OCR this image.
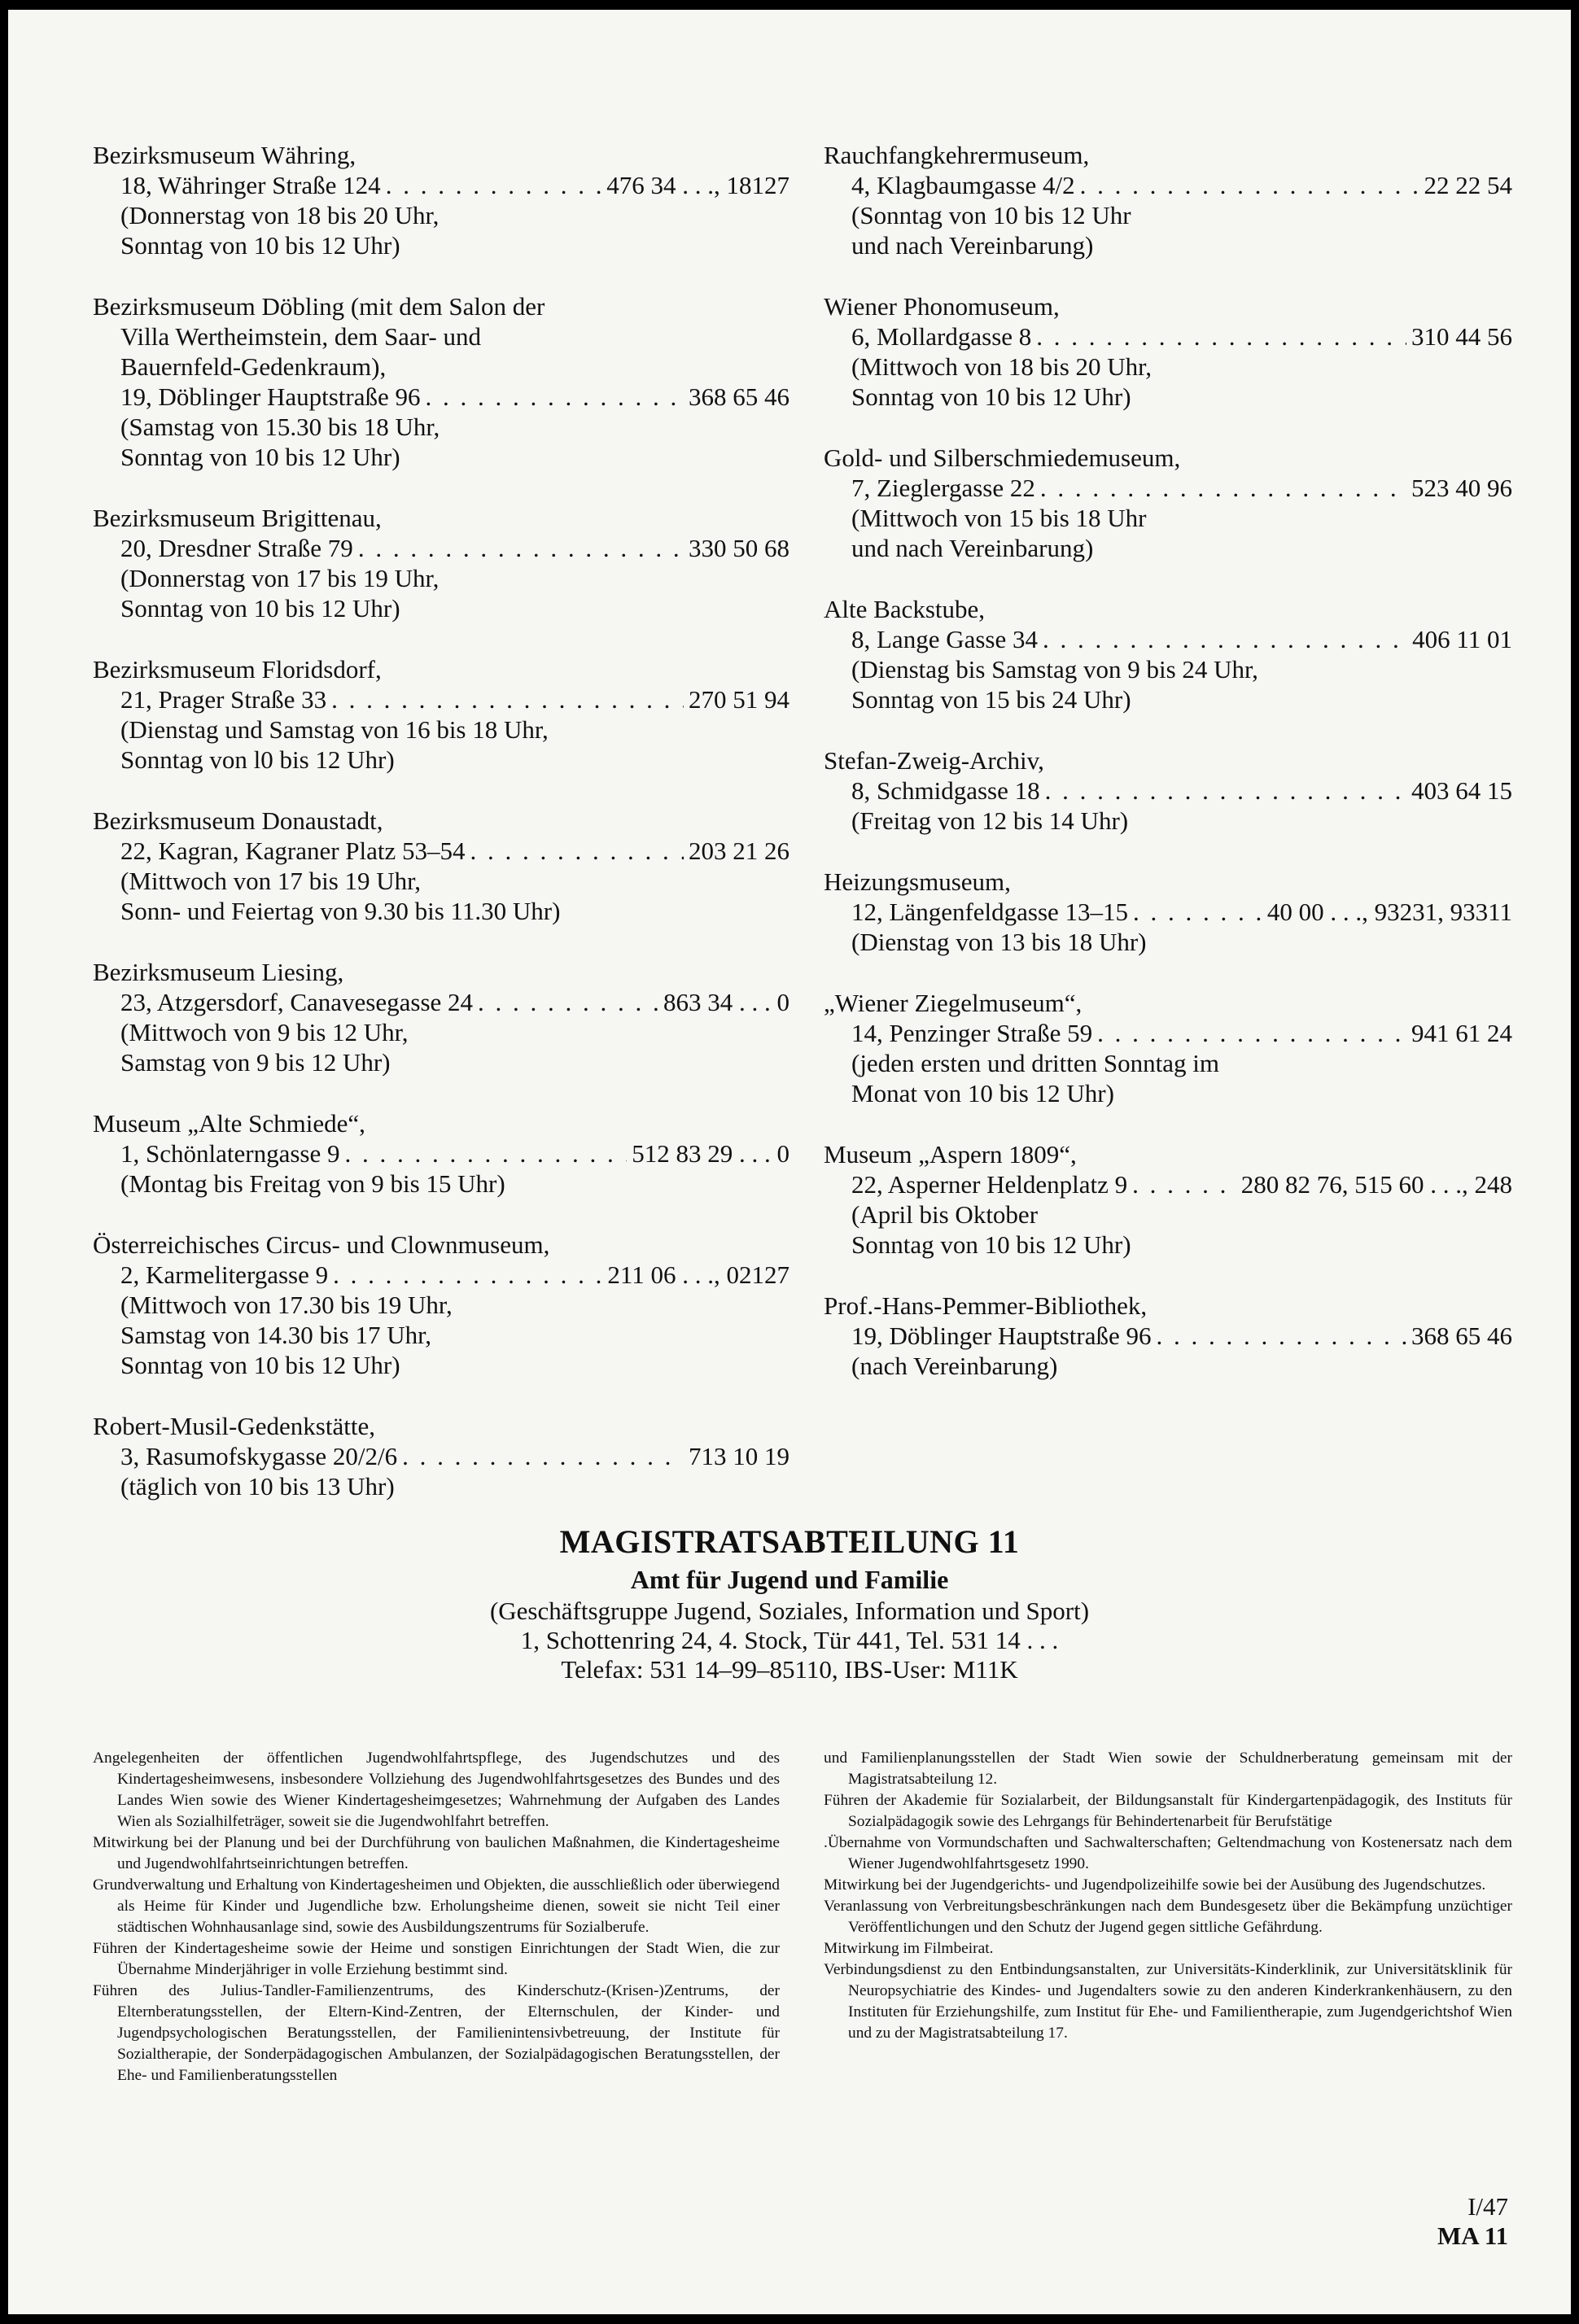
Bezirksmuseum Währing,
18, Währinger Straße 124 . . .	476 34 . . ., 18127
(Donnerstag von 18 bis 20 Uhr,
Sonntag von 10 bis 12 Uhr)
Bezirksmuseum Döbling (mit dem Salon der
Villa Wertheimstein, dem Saar- und
Bauernfeld-Gedenkraum),
19, Döblinger Hauptstraße 96 . . .	368 65 46
(Samstag von 15.30 bis 18 Uhr,
Sonntag von 10 bis 12 Uhr)
Bezirksmuseum Brigittenau,
20, Dresdner Straße 79 . . .	330 50 68
(Donnerstag von 17 bis 19 Uhr,
Sonntag von 10 bis 12 Uhr)
Bezirksmuseum Floridsdorf,
21, Prager Straße 33 . . .	270 51 94
(Dienstag und Samstag von 16 bis 18 Uhr,
Sonntag von l0 bis 12 Uhr)
Bezirksmuseum Donaustadt,
22, Kagran, Kagraner Platz 53–54 . . .	203 21 26
(Mittwoch von 17 bis 19 Uhr,
Sonn- und Feiertag von 9.30 bis 11.30 Uhr)
Bezirksmuseum Liesing,
23, Atzgersdorf, Canavesegasse 24 . . .	863 34 . . . 0
(Mittwoch von 9 bis 12 Uhr,
Samstag von 9 bis 12 Uhr)
Museum „Alte Schmiede“,
1, Schönlaterngasse 9 . . .	512 83 29 . . . 0
(Montag bis Freitag von 9 bis 15 Uhr)
Österreichisches Circus- und Clownmuseum,
2, Karmelitergasse 9 . . .	211 06 . . ., 02127
(Mittwoch von 17.30 bis 19 Uhr,
Samstag von 14.30 bis 17 Uhr,
Sonntag von 10 bis 12 Uhr)
Robert-Musil-Gedenkstätte,
3, Rasumofskygasse 20/2/6 . . .	713 10 19
(täglich von 10 bis 13 Uhr)
Rauchfangkehrermuseum,
4, Klagbaumgasse 4/2 . . .	22 22 54
(Sonntag von 10 bis 12 Uhr
und nach Vereinbarung)
Wiener Phonomuseum,
6, Mollardgasse 8 . . .	310 44 56
(Mittwoch von 18 bis 20 Uhr,
Sonntag von 10 bis 12 Uhr)
Gold- und Silberschmiedemuseum,
7, Zieglergasse 22 . . .	523 40 96
(Mittwoch von 15 bis 18 Uhr
und nach Vereinbarung)
Alte Backstube,
8, Lange Gasse 34 . . .	406 11 01
(Dienstag bis Samstag von 9 bis 24 Uhr,
Sonntag von 15 bis 24 Uhr)
Stefan-Zweig-Archiv,
8, Schmidgasse 18 . . .	403 64 15
(Freitag von 12 bis 14 Uhr)
Heizungsmuseum,
12, Längenfeldgasse 13–15 . . .	40 00 . . ., 93231, 93311
(Dienstag von 13 bis 18 Uhr)
„Wiener Ziegelmuseum“,
14, Penzinger Straße 59 . . .	941 61 24
(jeden ersten und dritten Sonntag im
Monat von 10 bis 12 Uhr)
Museum „Aspern 1809“,
22, Asperner Heldenplatz 9 . . .	280 82 76, 515 60 . . ., 248
(April bis Oktober
Sonntag von 10 bis 12 Uhr)
Prof.-Hans-Pemmer-Bibliothek,
19, Döblinger Hauptstraße 96 . . .	368 65 46
(nach Vereinbarung)
MAGISTRATSABTEILUNG 11
Amt für Jugend und Familie
(Geschäftsgruppe Jugend, Soziales, Information und Sport)
1, Schottenring 24, 4. Stock, Tür 441, Tel. 531 14 . . .
Telefax: 531 14–99–85110, IBS-User: M11K

Angelegenheiten der öffentlichen Jugendwohlfahrtspflege, des Jugendschutzes und des Kindertagesheimwesens, insbesondere Vollziehung des Jugendwohlfahrtsgesetzes des Bundes und des Landes Wien sowie des Wiener Kindertagesheimgesetzes; Wahrnehmung der Aufgaben des Landes Wien als Sozialhilfeträger, soweit sie die Jugendwohlfahrt betreffen.

Mitwirkung bei der Planung und bei der Durchführung von baulichen Maßnahmen, die Kindertagesheime und Jugendwohlfahrtseinrichtungen betreffen.

Grundverwaltung und Erhaltung von Kindertagesheimen und Objekten, die ausschließlich oder überwiegend als Heime für Kinder und Jugendliche bzw. Erholungsheime dienen, soweit sie nicht Teil einer städtischen Wohnhausanlage sind, sowie des Ausbildungszentrums für Sozialberufe.

Führen der Kindertagesheime sowie der Heime und sonstigen Einrichtungen der Stadt Wien, die zur Übernahme Minderjähriger in volle Erziehung bestimmt sind.

Führen des Julius-Tandler-Familienzentrums, des Kinderschutz-(Krisen-)Zentrums, der Elternberatungsstellen, der Eltern-Kind-Zentren, der Elternschulen, der Kinder- und Jugendpsychologischen Beratungsstellen, der Familienintensivbetreuung, der Institute für Sozialtherapie, der Sonderpädagogischen Ambulanzen, der Sozialpädagogischen Beratungsstellen, der Ehe- und Familienberatungsstellen

und Familienplanungsstellen der Stadt Wien sowie der Schuldnerberatung gemeinsam mit der Magistratsabteilung 12.

Führen der Akademie für Sozialarbeit, der Bildungsanstalt für Kindergartenpädagogik, des Instituts für Sozialpädagogik sowie des Lehrgangs für Behindertenarbeit für Berufstätige

.Übernahme von Vormundschaften und Sachwalterschaften; Geltendmachung von Kostenersatz nach dem Wiener Jugendwohlfahrtsgesetz 1990.

Mitwirkung bei der Jugendgerichts- und Jugendpolizeihilfe sowie bei der Ausübung des Jugendschutzes.

Veranlassung von Verbreitungsbeschränkungen nach dem Bundesgesetz über die Bekämpfung unzüchtiger Veröffentlichungen und den Schutz der Jugend gegen sittliche Gefährdung.

Mitwirkung im Filmbeirat.

Verbindungsdienst zu den Entbindungsanstalten, zur Universitäts-Kinderklinik, zur Universitätsklinik für Neuropsychiatrie des Kindes- und Jugendalters sowie zu den anderen Kinderkrankenhäusern, zu den Instituten für Erziehungshilfe, zum Institut für Ehe- und Familientherapie, zum Jugendgerichtshof Wien und zu der Magistratsabteilung 17.

I/47
MA 11
